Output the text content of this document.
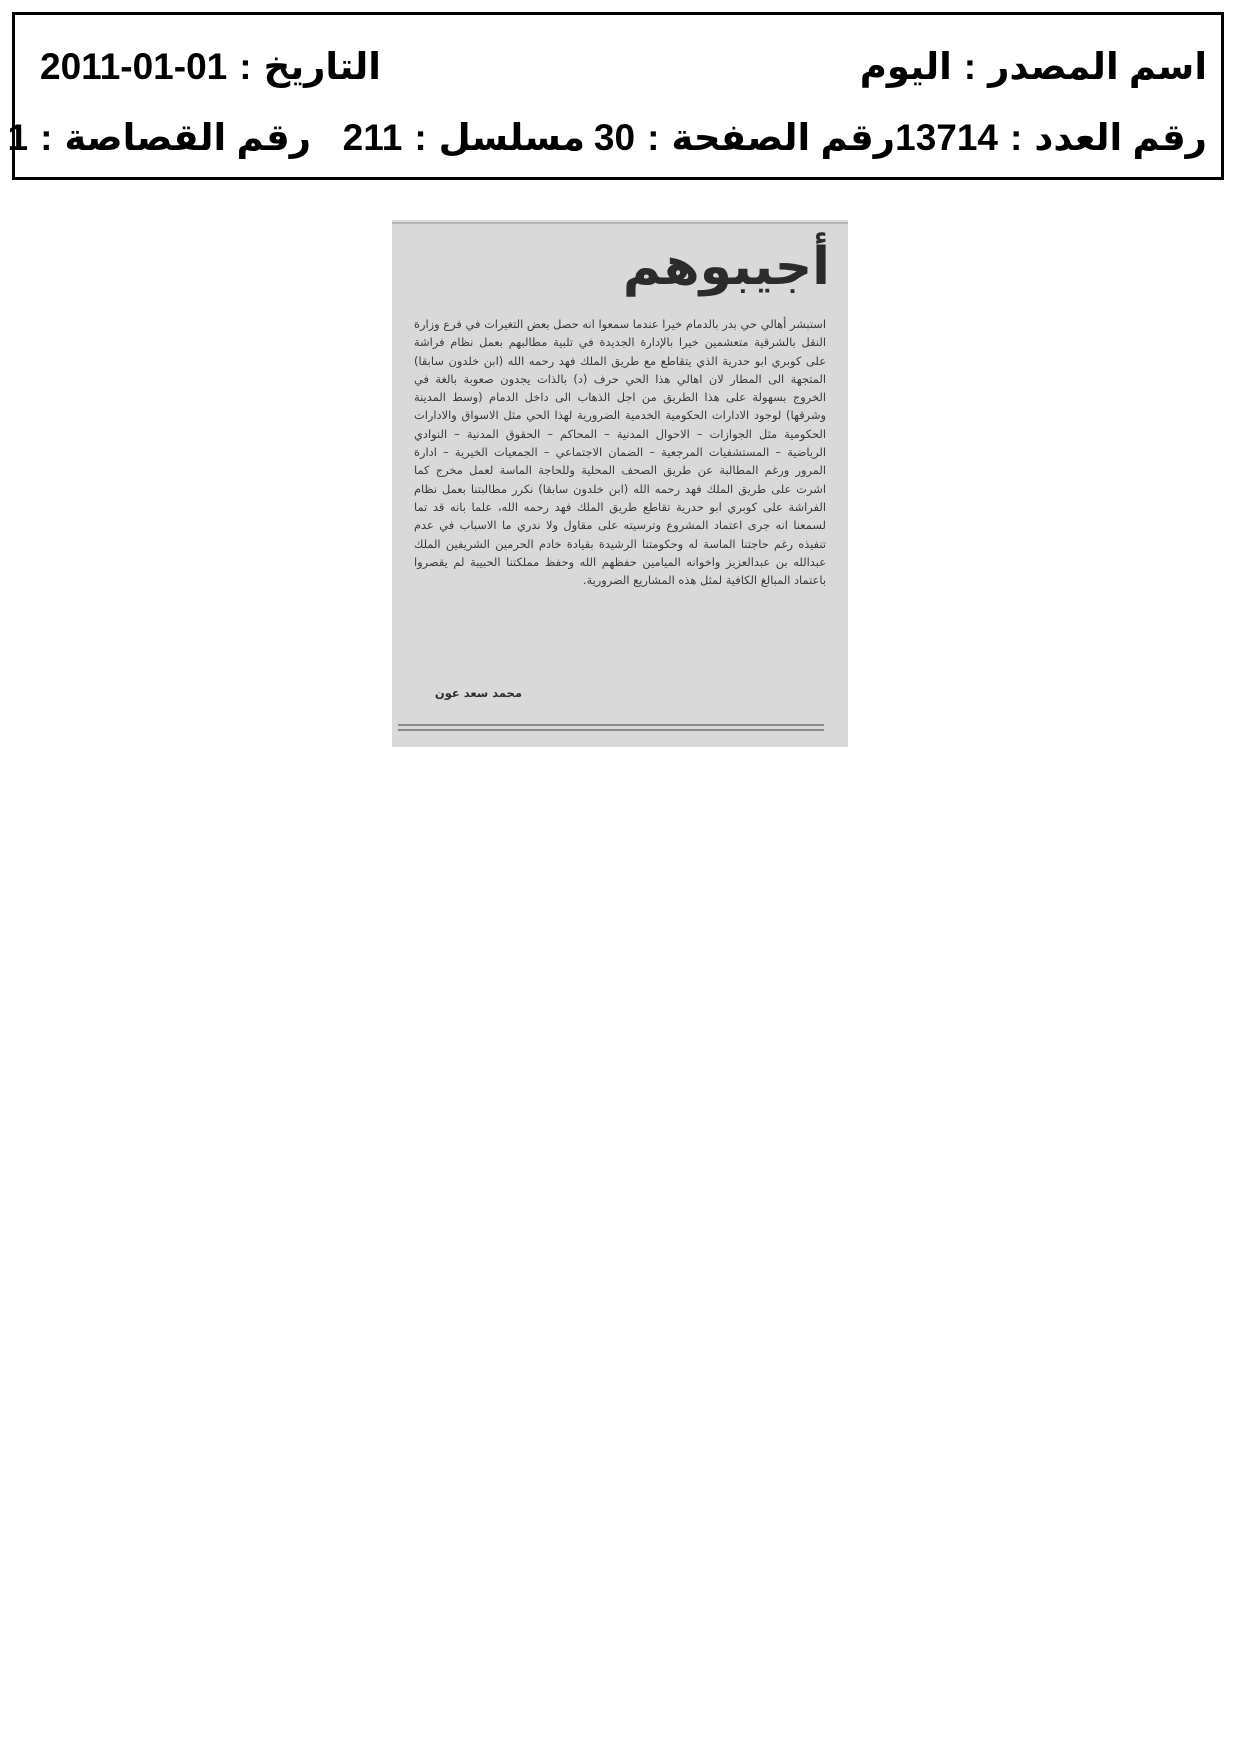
اسم المصدر:اليوم
التاريخ:2011-01-01
رقم العدد:13714
رقم الصفحة:30
مسلسل:211
رقم القصاصة:1
أجيبوهم
استبشر أهالي حي بدر بالدمام خيرا عندما سمعوا انه حصل بعض التغيرات في فرع وزارة النقل بالشرقية متعشمين خيرا بالإدارة الجديدة في تلبية مطالبهم بعمل نظام فراشة على كوبري ابو حدرية الذي يتقاطع مع طريق الملك فهد رحمه الله (ابن خلدون سابقا) المتجهة الى المطار لان اهالي هذا الحي حرف (د) بالذات يجدون صعوبة بالغة في الخروج بسهولة على هذا الطريق من اجل الذهاب الى داخل الدمام (وسط المدينة وشرقها) لوجود الادارات الحكومية الخدمية الضرورية لهذا الحي مثل الاسواق والادارات الحكومية مثل الجوازات – الاحوال المدنية – المحاكم – الحقوق المدنية – النوادي الرياضية – المستشفيات المرجعية – الضمان الاجتماعي – الجمعيات الخيرية – ادارة المرور ورغم المطالبة عن طريق الصحف المحلية وللحاجة الماسة لعمل مخرج كما اشرت على طريق الملك فهد رحمه الله (ابن خلدون سابقا) نكرر مطالبتنا بعمل نظام الفراشة على كوبري ابو حدرية تقاطع طريق الملك فهد رحمه الله، علما بانه قد تما لسمعنا انه جرى اعتماد المشروع وترسيته على مقاول ولا ندري ما الاسباب في عدم تنفيذه رغم حاجتنا الماسة له وحكومتنا الرشيدة بقيادة خادم الحرمين الشريفين الملك عبدالله بن عبدالعزيز واخوانه الميامين حفظهم الله وحفظ مملكتنا الحبيبة لم يقصروا باعتماد المبالغ الكافية لمثل هذه المشاريع الضرورية.
محمد سعد عون
